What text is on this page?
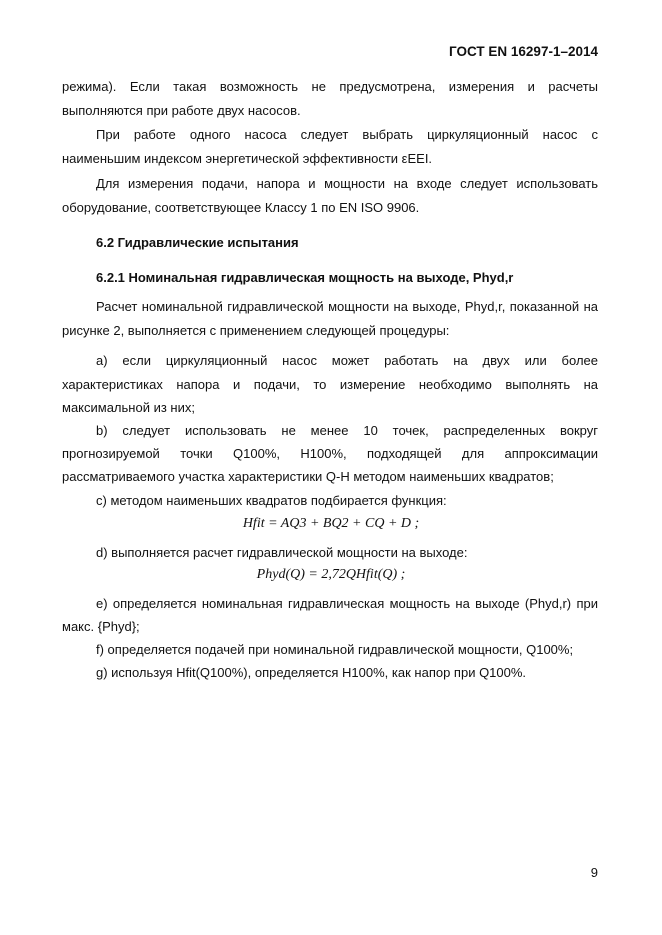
ГОСТ EN 16297-1–2014
режима). Если такая возможность не предусмотрена, измерения и расчеты
выполняются при работе двух насосов.
При работе одного насоса следует выбрать циркуляционный насос с
наименьшим индексом энергетической эффективности εEEI.
Для измерения подачи, напора и мощности на входе следует использовать
оборудование, соответствующее Классу 1 по EN ISO 9906.
6.2 Гидравлические испытания
6.2.1 Номинальная гидравлическая мощность на выходе, Phyd,r
Расчет номинальной гидравлической мощности на выходе, Phyd,r, показанной на
рисунке 2, выполняется с применением следующей процедуры:
a) если циркуляционный насос может работать на двух или более
характеристиках напора и подачи, то измерение необходимо выполнять на
максимальной из них;
b) следует использовать не менее 10 точек, распределенных вокруг
прогнозируемой точки Q100%, H100%, подходящей для аппроксимации
рассматриваемого участка характеристики Q-H методом наименьших квадратов;
c) методом наименьших квадратов подбирается функция:
Hfit = AQ3 + BQ2 + CQ + D ;
d) выполняется расчет гидравлической мощности на выходе:
Phyd(Q) = 2,72QHfit(Q) ;
e) определяется номинальная гидравлическая мощность на выходе (Phyd,r) при
макс. {Phyd};
f) определяется подачей при номинальной гидравлической мощности, Q100%;
g) используя Hfit(Q100%), определяется H100%, как напор при Q100%.
9
